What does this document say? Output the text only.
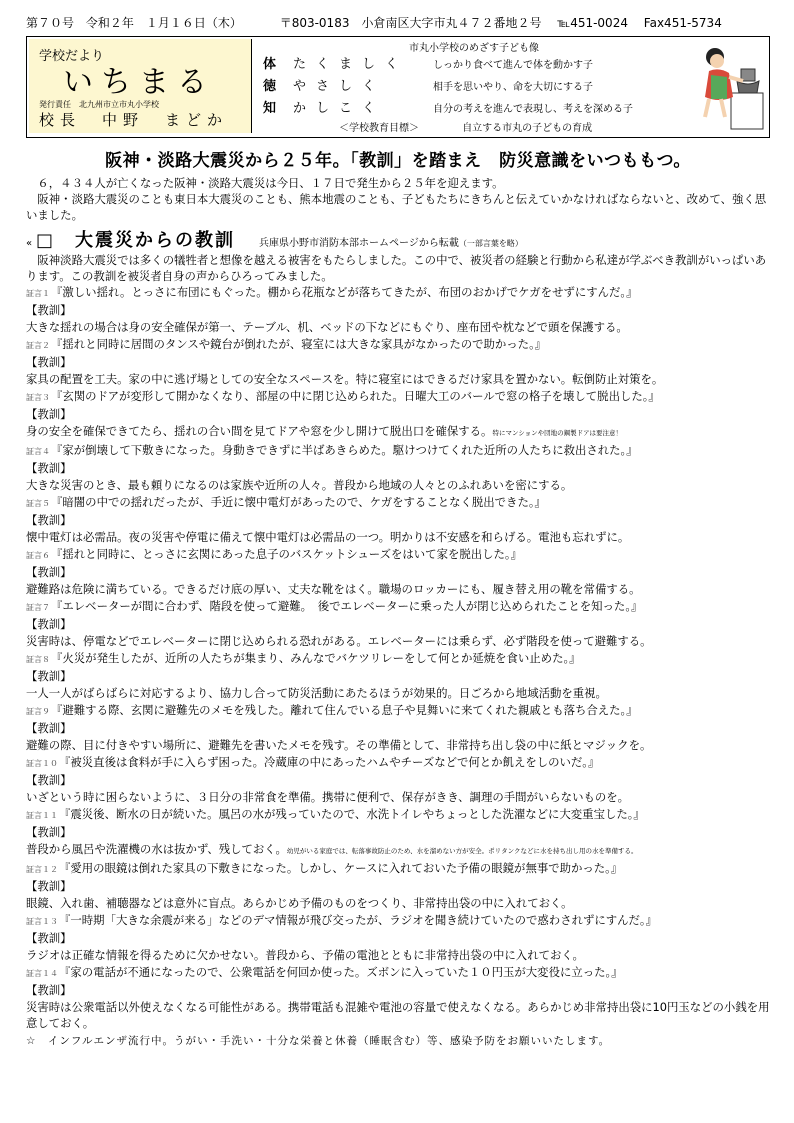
第７０号 令和２年　１月１６日（木）	〒803-0183　小倉南区大字市丸４７２番地２号 ℡451-0024 Fax451-5734
学校だより
いちまる
発行責任　北九州市立市丸小学校
校長　中野　まどか
市丸小学校のめざす子ども像
体 たくましく しっかり食べて進んで体を動かす子
徳 やさしく	相手を思いやり、命を大切にする子
知 かしこく	自分の考えを進んで表現し、考えを深める子
＜学校教育目標＞	自立する市丸の子どもの育成
阪神・淡路大震災から２５年。「教訓」を踏まえ　防災意識をいつももつ。
６，４３４人が亡くなった阪神・淡路大震災は今日、１７日で発生から２５年を迎えます。
阪神・淡路大震災のことも東日本大震災のことも、熊本地震のことも、子どもたちにきちんと伝えていかなければならないと、改めて、強く思いました。
« □　大震災からの教訓 兵庫県小野市消防本部ホームページから転載 （一部言葉を略）
阪神淡路大震災では多くの犠牲者と想像を越える被害をもたらしました。この中で、被災者の経験と行動から私達が学ぶべき教訓がいっぱいあります。この教訓を被災者自身の声からひろってみました。
証言１『激しい揺れ。とっさに布団にもぐった。棚から花瓶などが落ちてきたが、布団のおかげでケガをせずにすんだ。』
【教訓】
大きな揺れの場合は身の安全確保が第一、テーブル、机、ベッドの下などにもぐり、座布団や枕などで頭を保護する。
証言２『揺れと同時に居間のタンスや鏡台が倒れたが、寝室には大きな家具がなかったので助かった。』
【教訓】
家具の配置を工夫。家の中に逃げ場としての安全なスペースを。特に寝室にはできるだけ家具を置かない。転倒防止対策を。
証言３『玄関のドアが変形して開かなくなり、部屋の中に閉じ込められた。日曜大工のバールで窓の格子を壊して脱出した。』
【教訓】
身の安全を確保できてたら、揺れの合い間を見てドアや窓を少し開けて脱出口を確保する。特にマンションや団地の鋼製ドアは要注意！
証言４『家が倒壊して下敷きになった。身動きできずに半ばあきらめた。駆けつけてくれた近所の人たちに救出された。』
【教訓】
大きな災害のとき、最も頼りになるのは家族や近所の人々。普段から地域の人々とのふれあいを密にする。
証言５『暗闇の中での揺れだったが、手近に懐中電灯があったので、ケガをすることなく脱出できた。』
【教訓】
懐中電灯は必需品。夜の災害や停電に備えて懐中電灯は必需品の一つ。明かりは不安感を和らげる。電池も忘れずに。
証言６『揺れと同時に、とっさに玄関にあった息子のバスケットシューズをはいて家を脱出した。』
【教訓】
避難路は危険に満ちている。できるだけ底の厚い、丈夫な靴をはく。職場のロッカーにも、履き替え用の靴を常備する。
証言７『エレベーターが間に合わず、階段を使って避難。　後でエレベーターに乗った人が閉じ込められたことを知った。』
【教訓】
災害時は、停電などでエレベーターに閉じ込められる恐れがある。エレベーターには乗らず、必ず階段を使って避難する。
証言８『火災が発生したが、近所の人たちが集まり、みんなでバケツリレーをして何とか延焼を食い止めた。』
【教訓】
一人一人がばらばらに対応するより、協力し合って防災活動にあたるほうが効果的。日ごろから地域活動を重視。
証言９『避難する際、玄関に避難先のメモを残した。離れて住んでいる息子や見舞いに来てくれた親戚とも落ち合えた。』
【教訓】
避難の際、目に付きやすい場所に、避難先を書いたメモを残す。その準備として、非常持ち出し袋の中に紙とマジックを。
証言１０『被災直後は食料が手に入らず困った。冷蔵庫の中にあったハムやチーズなどで何とか飢えをしのいだ。』
【教訓】
いざという時に困らないように、３日分の非常食を準備。携帯に便利で、保存がきき、調理の手間がいらないものを。
証言１１『震災後、断水の日が続いた。風呂の水が残っていたので、水洗トイレやちょっとした洗濯などに大変重宝した。』
【教訓】
普段から風呂や洗濯機の水は抜かず、残しておく。幼児がいる家庭では、転落事故防止のため、水を溜めない方が安全。ポリタンクなどに水を持ち出し用の水を準備する。
証言１２『愛用の眼鏡は倒れた家具の下敷きになった。しかし、ケースに入れておいた予備の眼鏡が無事で助かった。』
【教訓】
眼鏡、入れ歯、補聴器などは意外に盲点。あらかじめ予備のものをつくり、非常持出袋の中に入れておく。
証言１３『一時期「大きな余震が来る」などのデマ情報が飛び交ったが、ラジオを聞き続けていたので惑わされずにすんだ。』
【教訓】
ラジオは正確な情報を得るために欠かせない。普段から、予備の電池とともに非常持出袋の中に入れておく。
証言１４『家の電話が不通になったので、公衆電話を何回か使った。ズボンに入っていた１０円玉が大変役に立った。』
【教訓】
災害時は公衆電話以外使えなくなる可能性がある。携帯電話も混雑や電池の容量で使えなくなる。あらかじめ非常持出袋に10円玉などの小銭を用意しておく。
☆　インフルエンザ流行中。うがい・手洗い・十分な栄養と休養（睡眠含む）等、感染予防をお願いいたします。
